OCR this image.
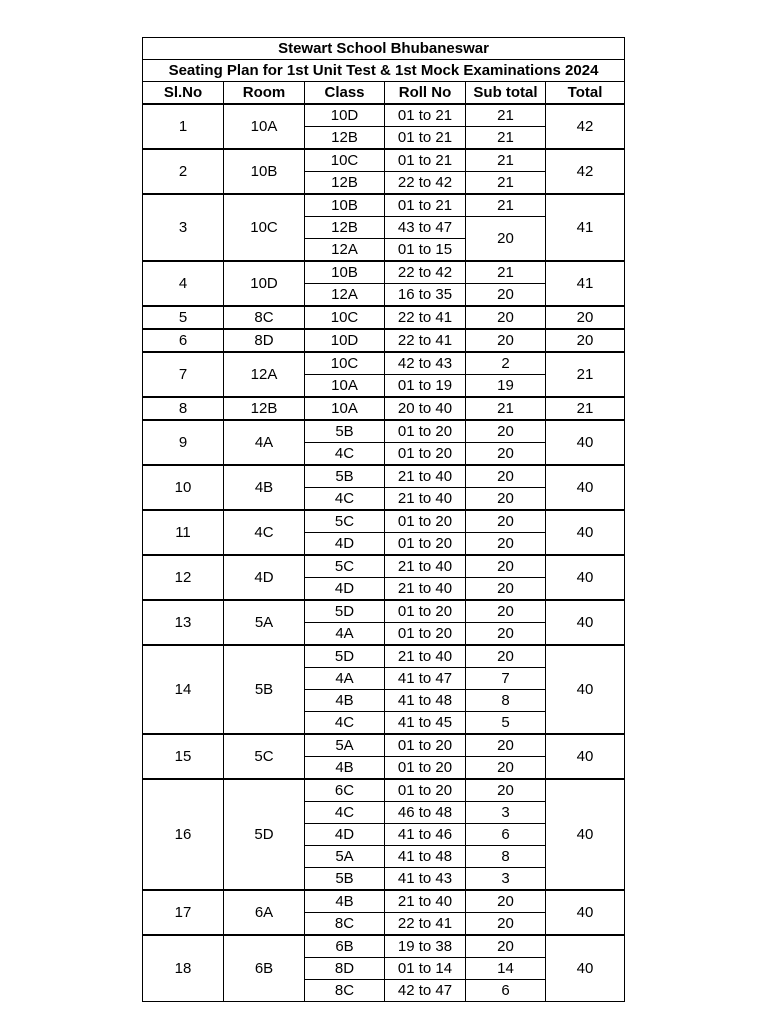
Stewart School Bhubaneswar					
Seating Plan for 1st Unit Test & 1st Mock Examinations 2024					
Sl.No	Room	Class	Roll No	Sub total	Total
1	10A	10D	01 to 21	21	42
		12B	01 to 21	21	
2	10B	10C	01 to 21	21	42
		12B	22 to 42	21	
3	10C	10B	01 to 21	21	41
		12B	43 to 47	20	
		12A	01 to 15		
4	10D	10B	22 to 42	21	41
		12A	16 to 35	20	
5	8C	10C	22 to 41	20	20
6	8D	10D	22 to 41	20	20
7	12A	10C	42 to 43	2	21
		10A	01 to 19	19	
8	12B	10A	20 to 40	21	21
9	4A	5B	01 to 20	20	40
		4C	01 to 20	20	
10	4B	5B	21 to 40	20	40
		4C	21 to 40	20	
11	4C	5C	01 to 20	20	40
		4D	01 to 20	20	
12	4D	5C	21 to 40	20	40
		4D	21 to 40	20	
13	5A	5D	01 to 20	20	40
		4A	01 to 20	20	
14	5B	5D	21 to 40	20	40
		4A	41 to 47	7	
		4B	41 to 48	8	
		4C	41 to 45	5	
15	5C	5A	01 to 20	20	40
		4B	01 to 20	20	
16	5D	6C	01 to 20	20	40
		4C	46 to 48	3	
		4D	41 to 46	6	
		5A	41 to 48	8	
		5B	41 to 43	3	
17	6A	4B	21 to 40	20	40
		8C	22 to 41	20	
18	6B	6B	19 to 38	20	40
		8D	01 to 14	14	
		8C	42 to 47	6	
